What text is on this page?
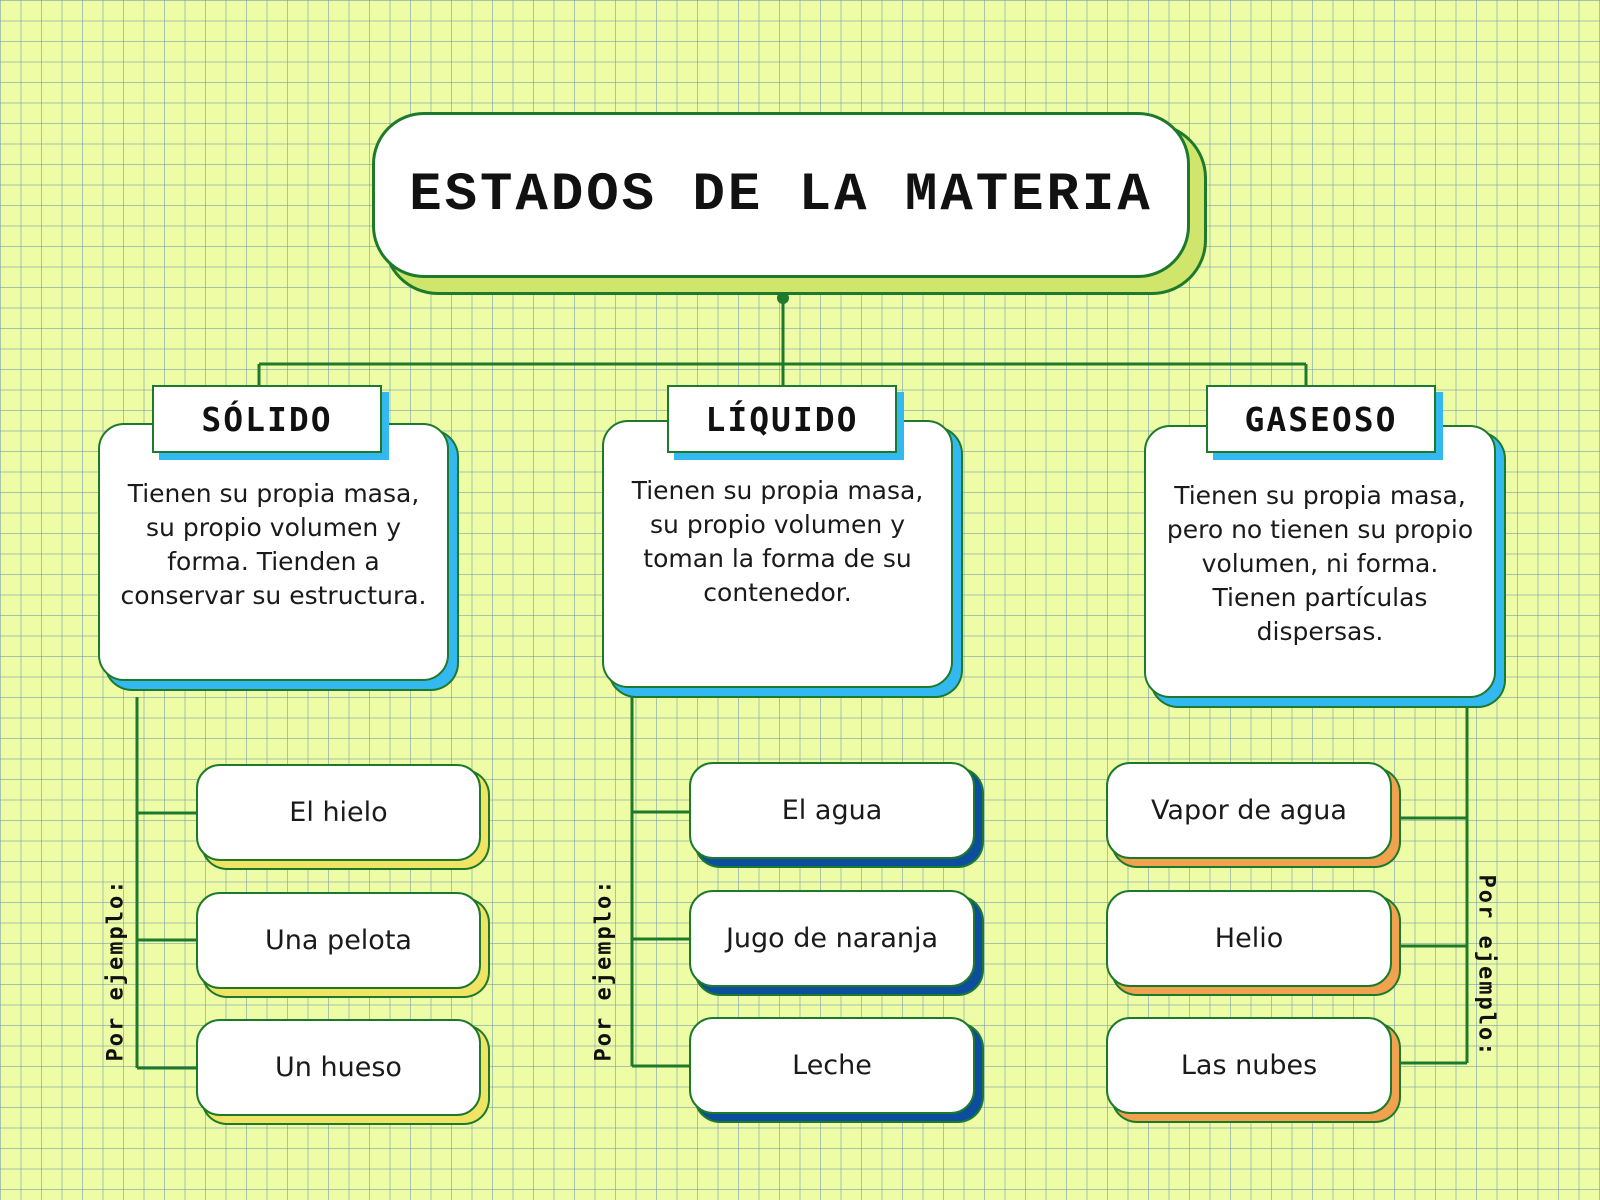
ESTADOS DE LA MATERIA
Tienen su propia masa, su propio volumen y forma. Tienden a conservar su estructura.
SÓLIDO
Tienen su propia masa, su propio volumen y toman la forma de su contenedor.
LÍQUIDO
Tienen su propia masa, pero no tienen su propio volumen, ni forma. Tienen partículas dispersas.
GASEOSO
El hielo
Una pelota
Un hueso
El agua
Jugo de naranja
Leche
Vapor de agua
Helio
Las nubes
Por ejemplo:	Por ejemplo:	Por ejemplo:
